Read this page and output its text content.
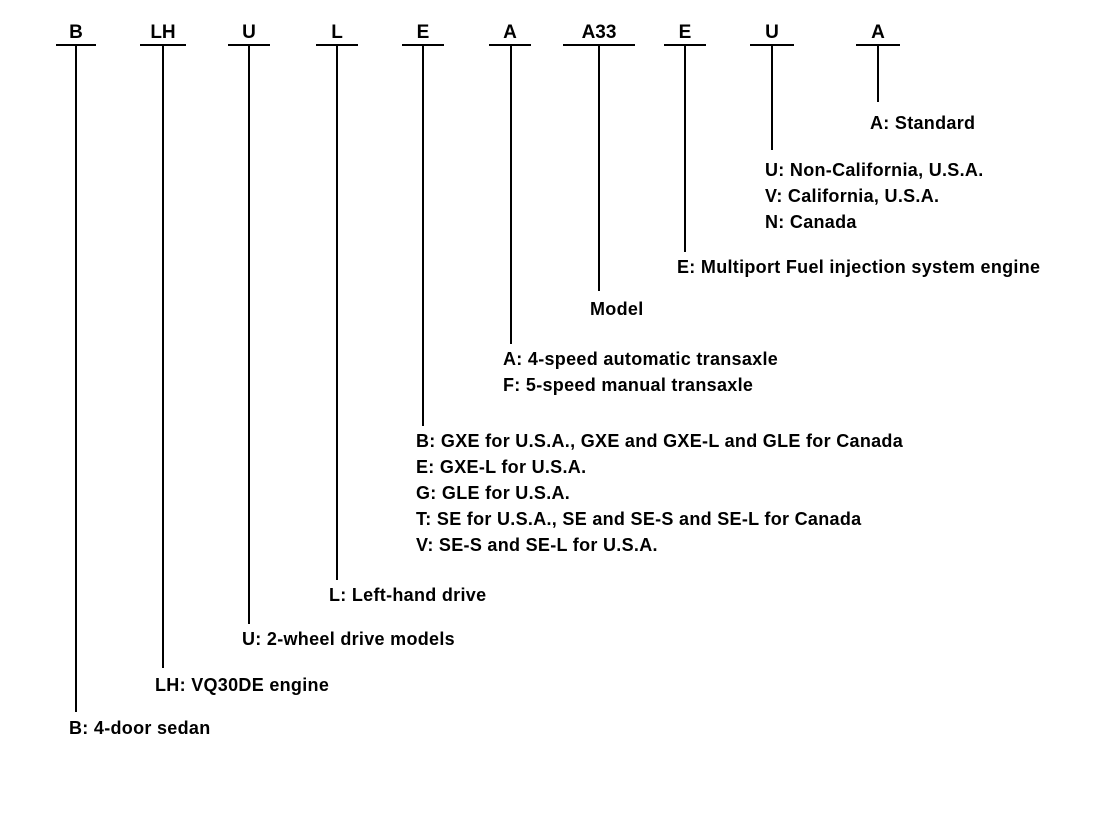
B	LH	U	L	E	A	A33	E	U	A
A: Standard
U: Non-California, U.S.A.
V: California, U.S.A.
N: Canada
E: Multiport Fuel injection system engine
Model
A: 4-speed automatic transaxle
F: 5-speed manual transaxle
B: GXE for U.S.A., GXE and GXE-L and GLE for Canada
E: GXE-L for U.S.A.
G: GLE for U.S.A.
T: SE for U.S.A., SE and SE-S and SE-L for Canada
V: SE-S and SE-L for U.S.A.
L: Left-hand drive
U: 2-wheel drive models
LH: VQ30DE engine
B: 4-door sedan
